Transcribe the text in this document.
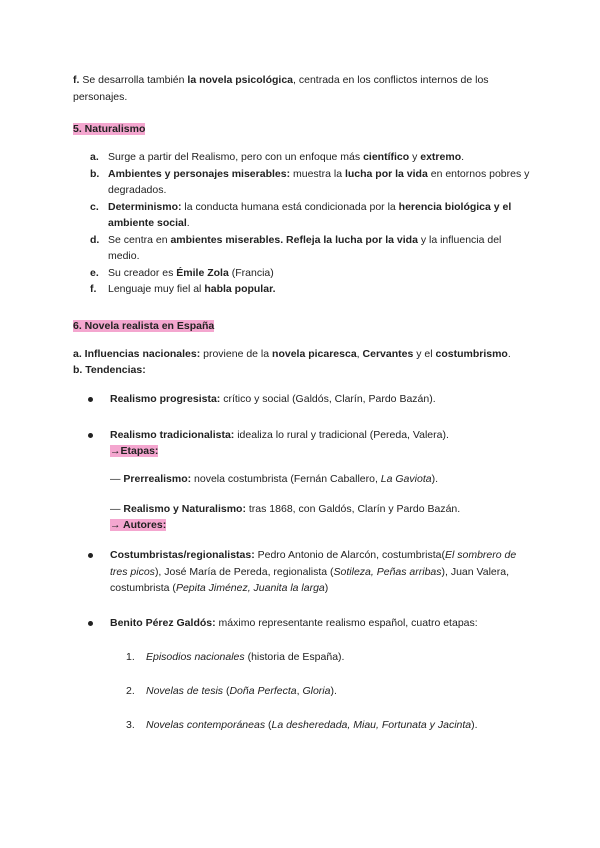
f. Se desarrolla también la novela psicológica, centrada en los conflictos internos de los personajes.
5. Naturalismo
a. Surge a partir del Realismo, pero con un enfoque más científico y extremo.
b. Ambientes y personajes miserables: muestra la lucha por la vida en entornos pobres y degradados.
c. Determinismo: la conducta humana está condicionada por la herencia biológica y el ambiente social.
d. Se centra en ambientes miserables. Refleja la lucha por la vida y la influencia del medio.
e. Su creador es Émile Zola (Francia)
f. Lenguaje muy fiel al habla popular.
6. Novela realista en España
a. Influencias nacionales: proviene de la novela picaresca, Cervantes y el costumbrismo.
b. Tendencias:
Realismo progresista: crítico y social (Galdós, Clarín, Pardo Bazán).
Realismo tradicionalista: idealiza lo rural y tradicional (Pereda, Valera).
→Etapas:
— Prerrealismo: novela costumbrista (Fernán Caballero, La Gaviota).
— Realismo y Naturalismo: tras 1868, con Galdós, Clarín y Pardo Bazán.
→ Autores:
Costumbristas/regionalistas: Pedro Antonio de Alarcón, costumbrista(El sombrero de tres picos), José María de Pereda, regionalista (Sotileza, Peñas arribas), Juan Valera, costumbrista (Pepita Jiménez, Juanita la larga)
Benito Pérez Galdós: máximo representante realismo español, cuatro etapas:
1.	Episodios nacionales (historia de España).
2.	Novelas de tesis (Doña Perfecta, Gloria).
3.	Novelas contemporáneas (La desheredada, Miau, Fortunata y Jacinta).
